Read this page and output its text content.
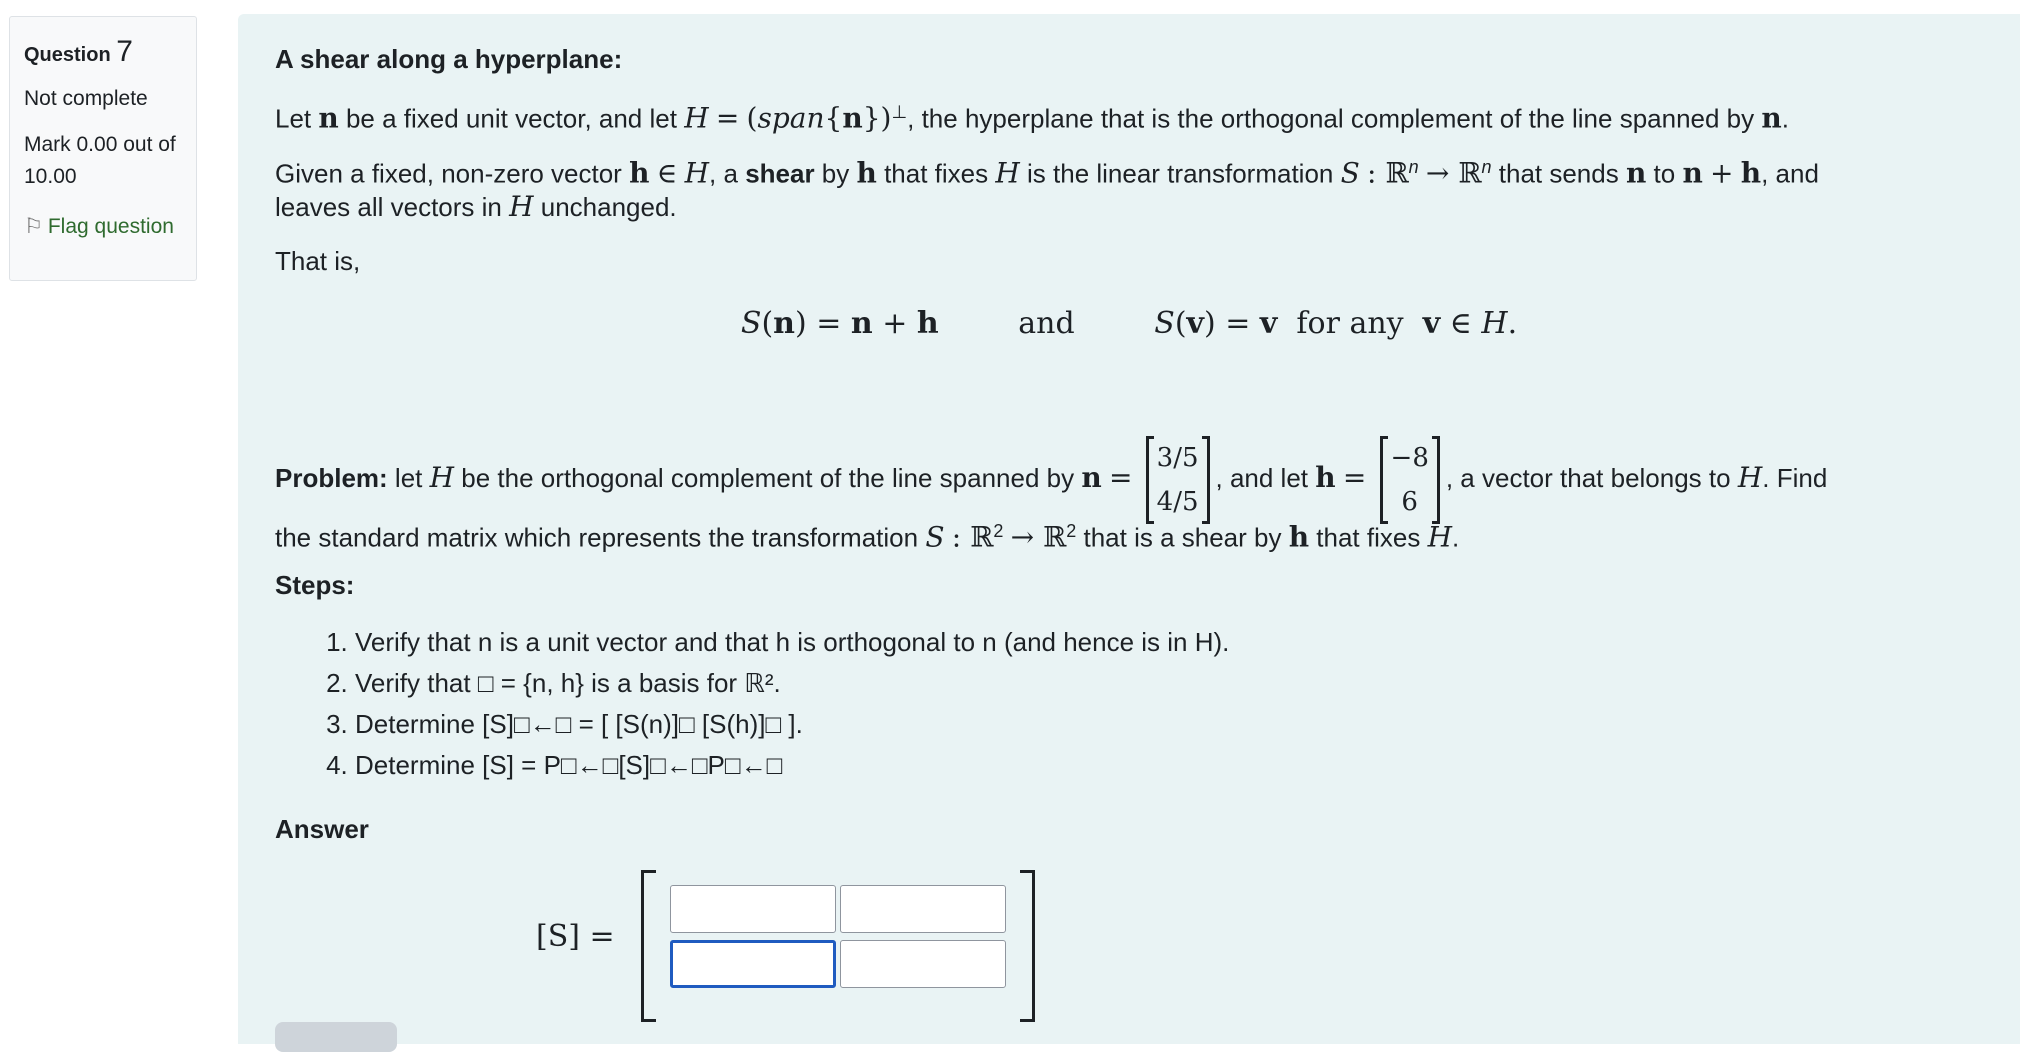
Question 7
Not complete
Mark 0.00 out of 10.00
⚐ Flag question
A shear along a hyperplane:
Let n be a fixed unit vector, and let H = (span{n})⊥, the hyperplane that is the orthogonal complement of the line spanned by n.
Given a fixed, non-zero vector h ∈ H, a shear by h that fixes H is the linear transformation S : ℝ$^n$ → ℝ$^n$ that sends n to n + h, and
leaves all vectors in H unchanged.
That is,
S(n) = n + h	and	S(v) = v for any v ∈ H.
Problem: let H be the orthogonal complement of the line spanned by n =
3/5
4/5
, and let h =
−8
6
, a vector that belongs to H. Find
the standard matrix which represents the transformation S : ℝ$^2$ → ℝ$^2$ that is a shear by h that fixes H.
Steps:
1. Verify that n is a unit vector and that h is orthogonal to n (and hence is in H).
2. Verify that □ = {n, h} is a basis for ℝ².
3. Determine [S]□←□ = [ [S(n)]□ [S(h)]□ ].
4. Determine [S] = P□←□[S]□←□P□←□
Answer
[S] =
